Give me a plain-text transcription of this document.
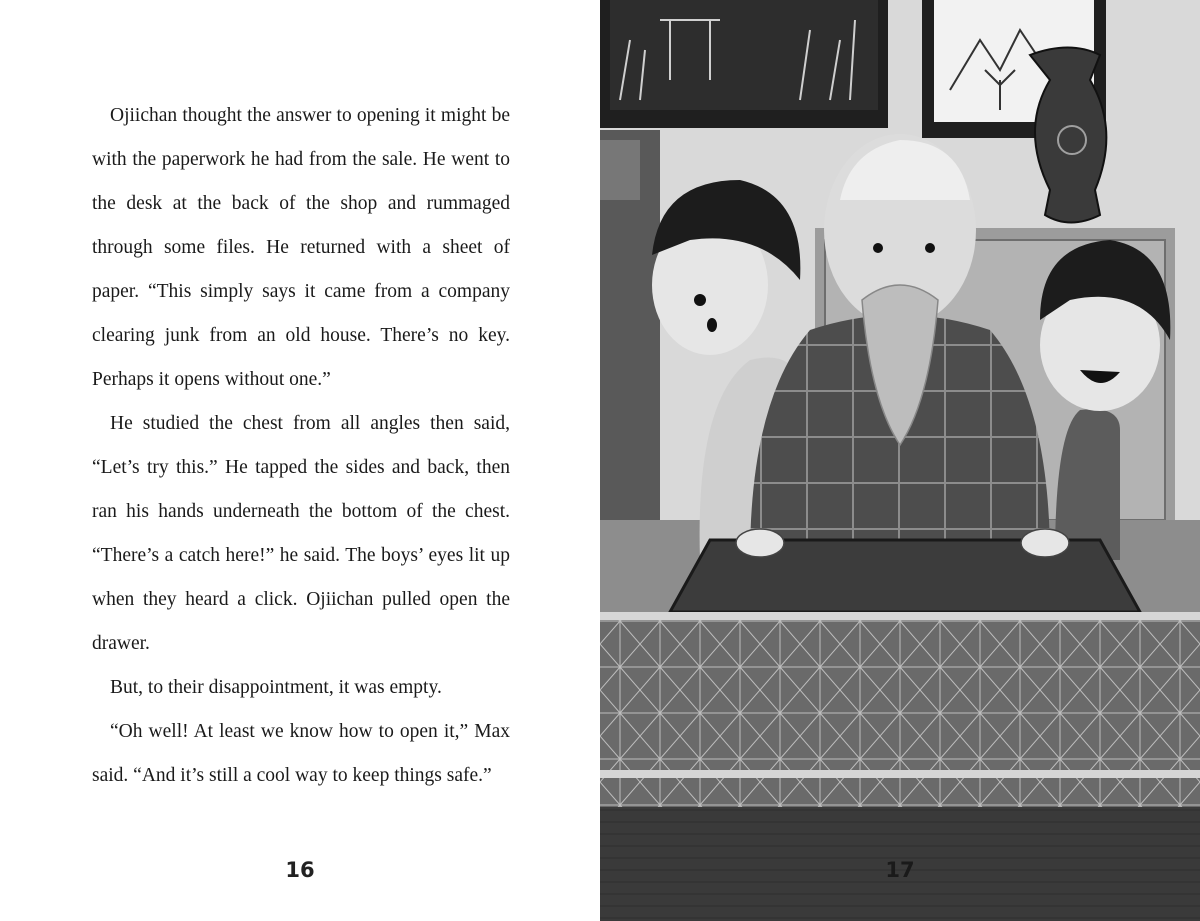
Ojiichan thought the answer to opening it might be with the paperwork he had from the sale. He went to the desk at the back of the shop and rummaged through some files. He returned with a sheet of paper. “This simply says it came from a company clearing junk from an old house. There’s no key. Perhaps it opens without one.”

He studied the chest from all angles then said, “Let’s try this.” He tapped the sides and back, then ran his hands underneath the bottom of the chest. “There’s a catch here!” he said. The boys’ eyes lit up when they heard a click. Ojiichan pulled open the drawer.

But, to their disappointment, it was empty.

“Oh well! At least we know how to open it,” Max said. “And it’s still a cool way to keep things safe.”

16	17
